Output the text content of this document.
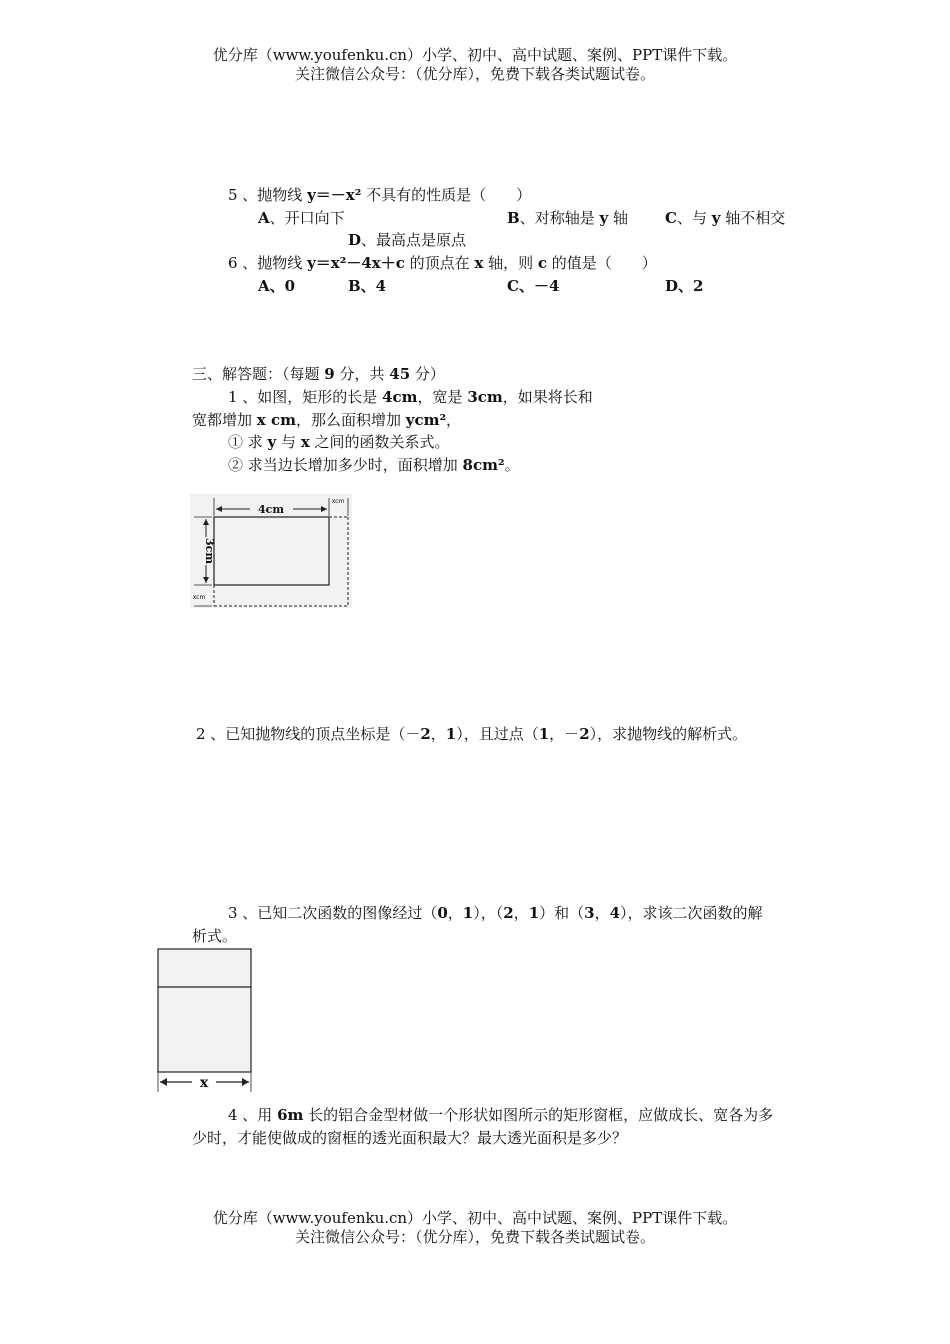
优分库（www.youfenku.cn）小学、初中、高中试题、案例、PPT课件下载。
关注微信公众号：（优分库），免费下载各类试题试卷。
5 、抛物线 y＝－x² 不具有的性质是（　　）
A、开口向下	B、对称轴是 y 轴 C、与 y 轴不相交
D、最高点是原点
6 、抛物线 y＝x²－4x＋c 的顶点在 x 轴，则 c 的值是（　　）
A、0	B、4	C、－4	D、2
三、解答题：（每题 9 分，共 45 分）
1 、如图，矩形的长是 4cm，宽是 3cm，如果将长和
宽都增加 x cm，那么面积增加 ycm²，
① 求 y 与 x 之间的函数关系式。
② 求当边长增加多少时，面积增加 8cm²。
4cm
xcm
3cm
xcm
2 、已知抛物线的顶点坐标是（－2，1），且过点（1，－2），求抛物线的解析式。
3 、已知二次函数的图像经过（0，1），（2，1）和（3，4），求该二次函数的解
析式。
x
4 、用 6m 长的铝合金型材做一个形状如图所示的矩形窗框，应做成长、宽各为多
少时，才能使做成的窗框的透光面积最大？最大透光面积是多少？
优分库（www.youfenku.cn）小学、初中、高中试题、案例、PPT课件下载。
关注微信公众号：（优分库），免费下载各类试题试卷。
